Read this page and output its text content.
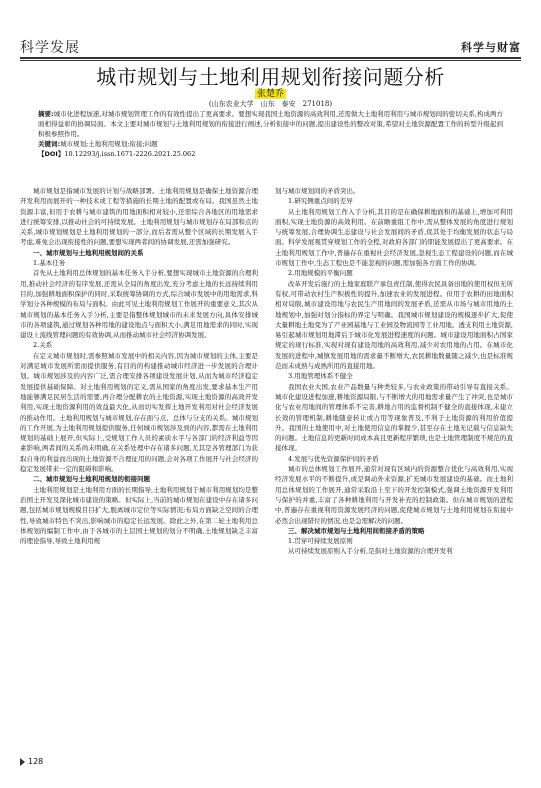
科学发展	科学与财富
城市规划与土地利用规划衔接问题分析
张楚乔
(山东农业大学　山东　泰安　271018)

摘要:城市化进程加速,对城市规划管理工作的有效性提出了更高要求。要想实现我国土地资源的高效利用,还需做大土地利用利用与城市规划间的密切关系,构成两方面相得益彰的协调局面。本文主要对城市规划与土地利用规划的衔接进行阐述,分析衔接中的问题,提出建设性的整改对策,希望对土地资源配置工作的转型升级起到积极参照作用。

关键词:城市规划;土地利用规划;衔接;问题

【DOI】10.12293/j.issn.1671-2226.2021.25.062

城市规划是指城市发展的计划与战略部署。土地利用规划是确保土地资源合理开发利用而展开的一种技术或工程等措施的长期土地的配置或布局。我国虽然土地资源丰富,但用于农耕与城市建筑的用地面积相对较小,还需综合各地区的用地需求进行统筹安排,以推动社会的可持续发展。土地利用规划与城市规划存在局部和点的关系,城市规划规划是土地利用规划的一部分,而后者需从整个区域的长期发展入手考虑,难免会出现衔接性的问题,要想实现两者间的协调发展,还需加强研究。

一、城市规划与土地利用规划间的关系

1.基本任务

首先从土地利用总体规划的基本任务入手分析,要想实现城市土地资源的合理利用,推动社会经济的有序发展,还需从全局的角度出发,充分考虑土地的长远持续利用目的,加强耕地面积保护的同时,采取统筹协调的方式,综合城市发展中的用地需求,科学划分各种规模的布局与面积。由此可见土地利用规划工作展开的重要意义,其次从城市规划的基本任务入手分析,主要是指整体规划城市的未来发展方向,具体安排城市的各项建筑,通过规划各种用地的建设地点与面积大小,满足用地需求的同时,实现建设上流线管理问题的有效协调,从而推动城市社会经济协调发展。

2.关系

在定义城市规划时,需参照城市发展中的相关内容,因为城市规划的主体,主要是对满足城市发展所需而提供服务,有目的的构建推动城市经济进一步发展的合理计划。城市规划涉及的内容广泛,需合理安排各项建设发展计划,从而为城市经济稳定发展提供基础保障。对土地利用规划的定义,需从国家的角度出发,要求基本生产用地能够满足民居生活的需要,再合理分配耕农的土地资源,实现土地资源的高效开发利用,实现土地资源利用的效益最大化,从而切实发挥土地开发利用对社会经济发展的推动作用。土地利用规划与城市规划,存在面与点、总体与分支的关系。城市规划的工作开展,为土地利用规划提供服务,任何城市规划涉及到的内容,都需在土地利用规划的基础上展开,但实际上,受规划工作人员的素质水平与各部门的经济利益等因素影响,两者间的关系尚未明确,在关系处理中存在诸多问题,尤其是各管理部门为获取自身的利益而出现的土地资源不合理征用的问题,会对各项工作展开与社会经济的稳定发展带来一定的阻碍和影响。

二、城市规划与土地利用规划的衔接问题

土地利用规划是土地利用方面的长期指导,土地利用规划于城市利用规划均是整治国土开发及深化城市建设的策略。但实际上,当前的城市规划在建设中存在诸多问题,包括城市规划规模目目扩大,脱离城市定位等实际情况;布局方面缺乏空间的合理性,导致城市特色不突出,影响城市的稳定长远发展。除此之外,在第二轮土地利用总体规划的编制工作中,由于各城市的土层国土规划的划分不明确,土地规划缺乏丰富的理论指导,导致土地利用规

划与城市规划间的矛盾突出。

1.研究侧重点间的差异

从土地利用规划工作入手分析,其目的是在确保耕地面积的基础上,增加可利用面积,实现土地资源的高效利用。在前瞻重组工作中,需从整体发展的角度进行规划与统筹发展,合理协调生态建设与社会发展间的矛盾,促其处于均衡发展的状态与局面。科学发展观贯穿规划工作的全程,对政府各部门的职能发展提出了更高要求。在土地利用规划工作中,普遍存在重视社会经济发展,忽视生态工程建设的问题,而在城市规划工作中,生态工程也是不能忽视的问题,需加强各方面工作的协调。

2.用地规模的平衡问题

改革开发后施行的土地家庭联产承包责任制,使得农民具备田地的使用权但无所有权,可带动农村生产积极性的提升,加速农业的发展进程。但用于农耕的田地面积相对局限,城市建设用地与农民生产用地间的发展矛盾,还需从市场与城市用地的土地规划中,加强对划分指标的界定与明确。我国城市规划建设的规模逐步扩大,促使大量耕地土地变为了产业园基地与工业园及物流园等工业用地。透支利用土地资源,易引起城市规划用地滞后于城市化发展进程速度的问题。城市建设用地面积占国家规定的现行标准,实现对现有建设用地的高效利用,减少对农用地的占用。在城市化发展的进程中,城镇发展用地的需求量不断增大,农民耕地数量随之减少,也是标准规范而未成熟与成熟所用的直接用地。

3.用地管理体系不健全

我国农业大国,农业产品数量与种类较多,与农业政策的带动引导有直接关系。城市化建设进程加速,耕地资源局限,与不断增大的用地需求量产生了冲突,也是城市化与农业用地间的管理体系不完善,耕地占用的监督机制不健全的直接体现,未建立长效的管理机制,耕地随意转让或占用等现象普及,不利于土地资源的利用价值提升。我国的土地使用中,对土地使用信息的掌握少,甚至存在土地无记载与信息缺失的问题。土地信息的更新时间成本高且更新程序繁琐,也是土地管理制度不规范的直接体现。

4.发展与优先资源保护间的矛盾

城市的总体规划工作展开,通常对现有区域内的资源整合优化与高效利用,实现经济发展水平的不断提升,或是调动外来资源,扩充城市发展建设的基础。而土地利用总体规划的工作展开,通常采取沿上至下的开发控制模式,强调土地资源开发利用与保护的并重,丰富了各种耕地利用与开发补充的控制政策。但在城市规划的进程中,普遍存在重视利用资源发展经济的问题,促使城市规划与土地利用规划在衔接中必然会出现错位的情况,也是急需解决的问题。

三、解决城市规划与土地利用间衔接矛盾的策略

1.贯穿可持续发展原则

从可持续发展原则入手分析,是指对土地资源的合理开发利

128
